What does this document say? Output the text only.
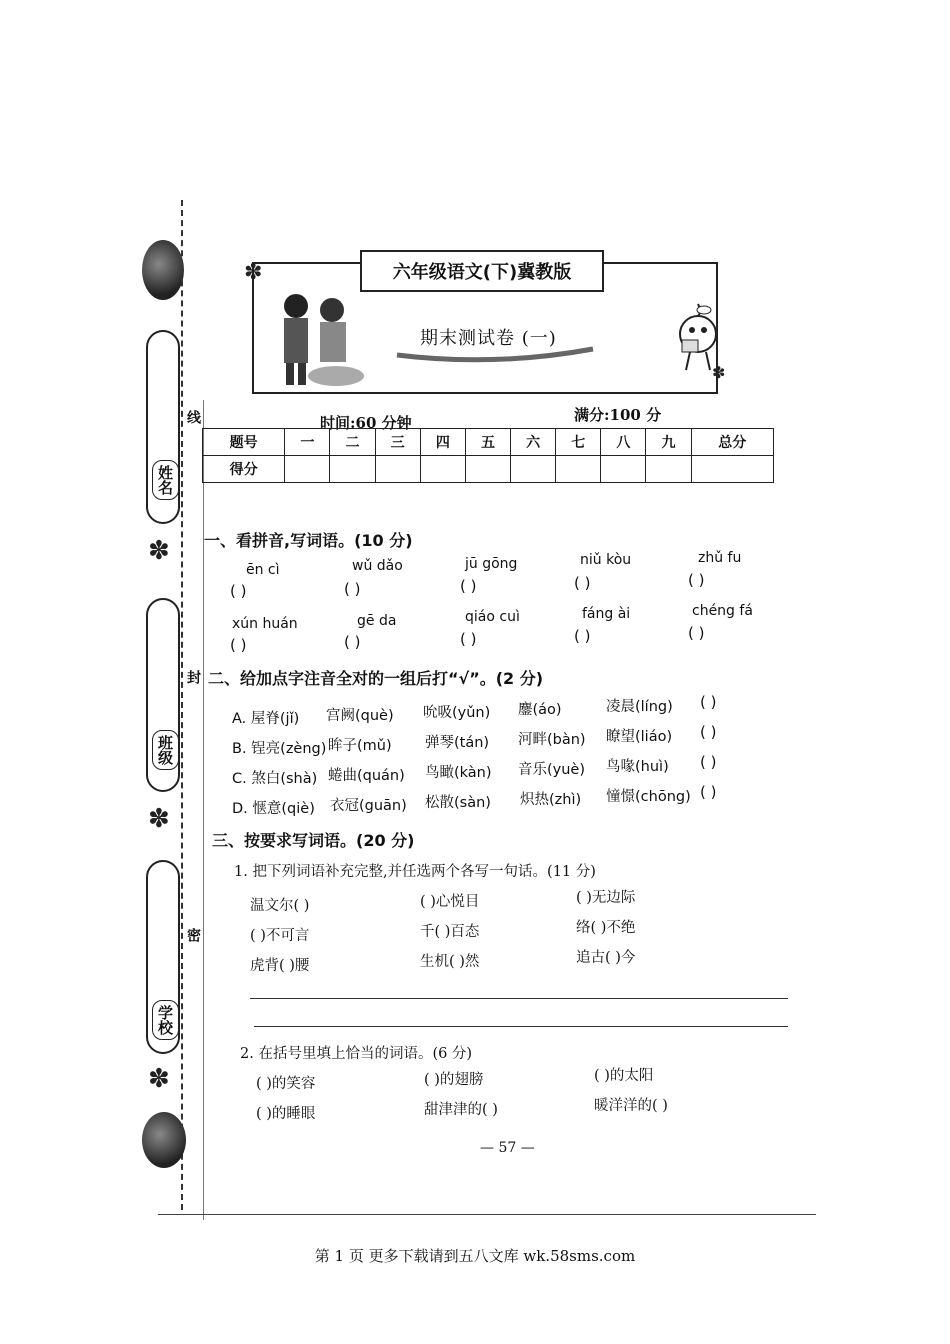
姓名
线
✽
班级
封
✽
学校
密
✽
✽	六年级语文(下)冀教版
期末测试卷 (一)
✽
时间:60 分钟	满分:100 分
题号	一	二	三	四	五	六	七	八	九	总分
得分										
一、看拼音,写词语。(10 分)
ēn cì	wǔ dǎo	jū gōng	niǔ kòu	zhǔ fu
( )	( )	( )	( )	( )
xún huán	gē da	qiáo cuì	fáng ài	chéng fá
( )	( )	( )	( )	( )
二、给加点字注音全对的一组后打“√”。(2 分)
A. 屋脊(jǐ) 宫阙(què) 吮吸(yǔn) 鏖(áo)	凌晨(líng) ( )
B. 锃亮(zèng) 眸子(mǔ) 弹琴(tán) 河畔(bàn) 瞭望(liáo) ( )
C. 煞白(shà) 蜷曲(quán) 鸟瞰(kàn) 音乐(yuè) 鸟喙(huì) ( )
D. 惬意(qiè) 衣冠(guān) 松散(sàn) 炽热(zhì) 憧憬(chōng) ( )
三、按要求写词语。(20 分)
1. 把下列词语补充完整,并任选两个各写一句话。(11 分)
温文尔( )	( )心悦目	( )无边际
( )不可言	千( )百态	络( )不绝
虎背( )腰	生机( )然	追古( )今
2. 在括号里填上恰当的词语。(6 分)
( )的笑容	( )的翅膀	( )的太阳
( )的睡眼	甜津津的( )	暖洋洋的( )
— 57 —
第 1 页 更多下载请到五八文库 wk.58sms.com
